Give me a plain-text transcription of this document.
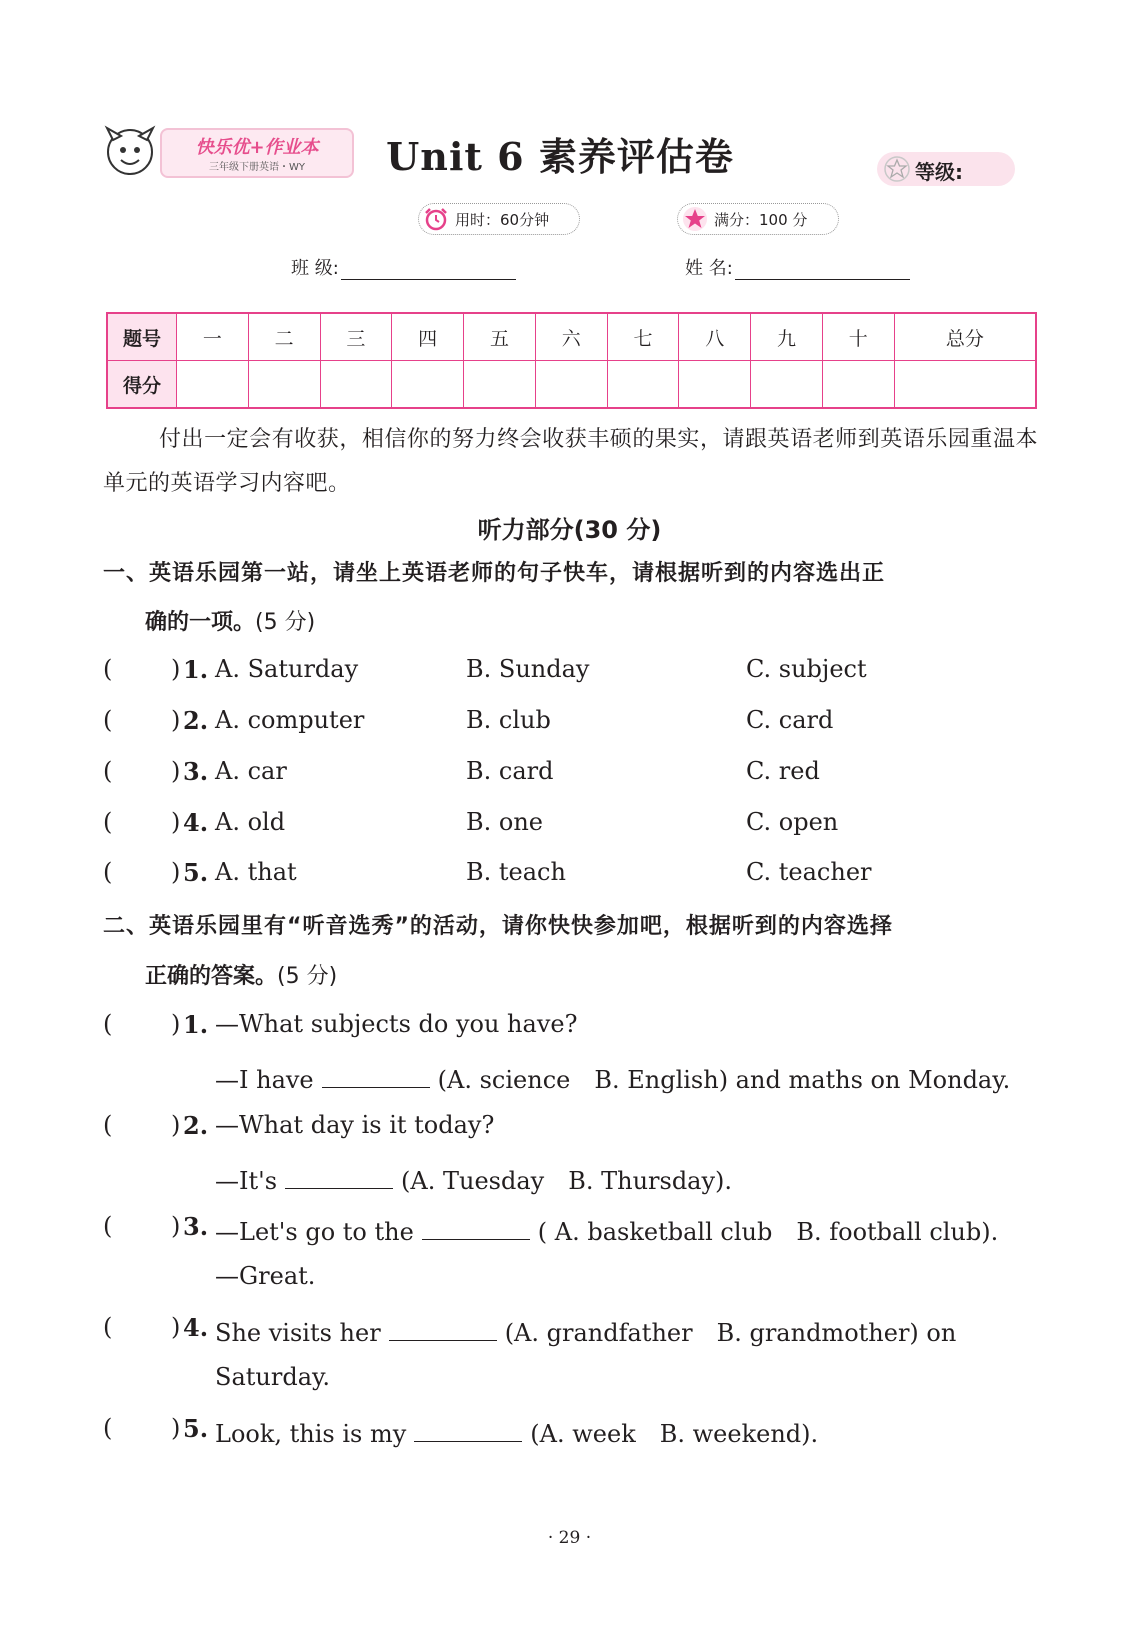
快乐优+作业本
三年级下册英语・WY	Unit 6 素养评估卷	等级:
用时：60分钟	满分：100 分
班 级:	姓 名:
题号	一	二	三	四	五	六	七	八	九	十	总分
得分											
付出一定会有收获，相信你的努力终会收获丰硕的果实，请跟英语老师到英语乐园重温本单元的英语学习内容吧。
听力部分(30 分)
一、英语乐园第一站，请坐上英语老师的句子快车，请根据听到的内容选出正
确的一项。(5 分)
( ) 1. A. Saturday	B. Sunday	C. subject
( ) 2. A. computer	B. club	C. card
( ) 3. A. car	B. card	C. red
( ) 4. A. old	B. one	C. open
( ) 5. A. that	B. teach	C. teacher
二、英语乐园里有“听音选秀”的活动，请你快快参加吧，根据听到的内容选择
正确的答案。(5 分)
( ) 1. —What subjects do you have?
—I have	(A. science　B. English) and maths on Monday.
( ) 2. —What day is it today?
—It's	(A. Tuesday　B. Thursday).
( ) 3. —Let's go to the	( A. basketball club　B. football club).
—Great.
( ) 4. She visits her	(A. grandfather　B. grandmother) on
Saturday.
( ) 5. Look, this is my	(A. week　B. weekend).
· 29 ·
